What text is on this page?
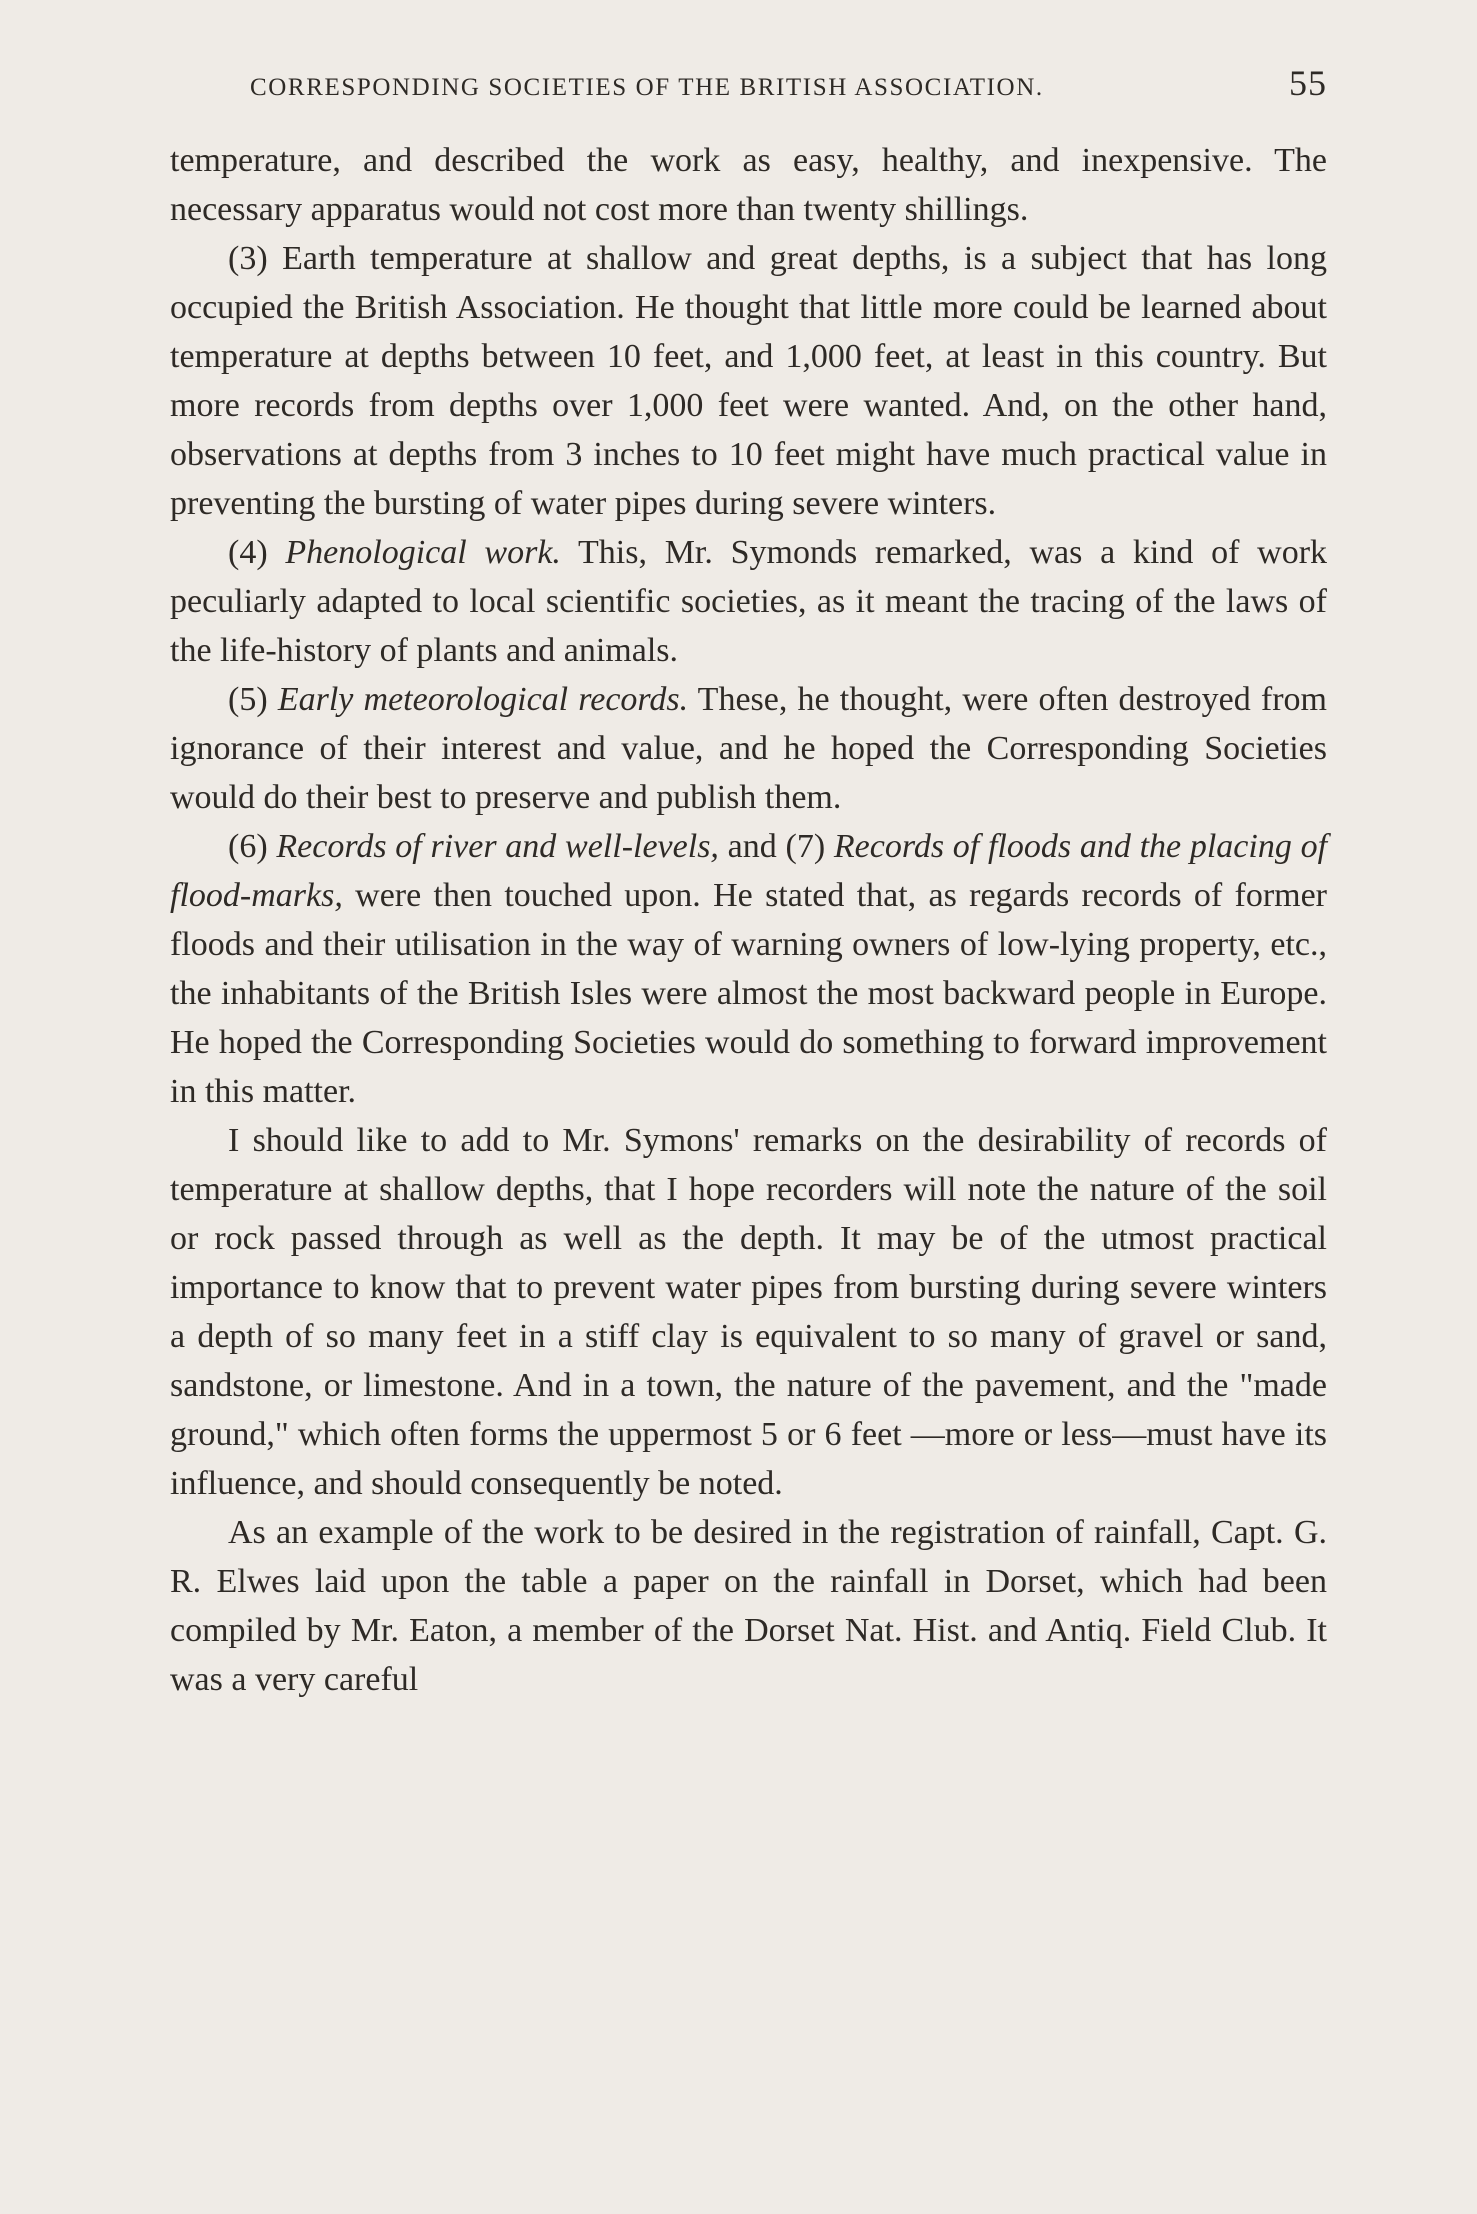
CORRESPONDING SOCIETIES OF THE BRITISH ASSOCIATION.	55

temperature, and described the work as easy, healthy, and inexpensive. The necessary apparatus would not cost more than twenty shillings.

(3) Earth temperature at shallow and great depths, is a subject that has long occupied the British Association. He thought that little more could be learned about temperature at depths between 10 feet, and 1,000 feet, at least in this country. But more records from depths over 1,000 feet were wanted. And, on the other hand, observations at depths from 3 inches to 10 feet might have much practical value in preventing the bursting of water pipes during severe winters.

(4) Phenological work. This, Mr. Symonds remarked, was a kind of work peculiarly adapted to local scientific societies, as it meant the tracing of the laws of the life-history of plants and animals.

(5) Early meteorological records. These, he thought, were often destroyed from ignorance of their interest and value, and he hoped the Corresponding Societies would do their best to preserve and publish them.

(6) Records of river and well-levels, and (7) Records of floods and the placing of flood-marks, were then touched upon. He stated that, as regards records of former floods and their utilisation in the way of warning owners of low-lying property, etc., the inhabitants of the British Isles were almost the most backward people in Europe. He hoped the Corresponding Societies would do something to forward improvement in this matter.

I should like to add to Mr. Symons' remarks on the desirability of records of temperature at shallow depths, that I hope recorders will note the nature of the soil or rock passed through as well as the depth. It may be of the utmost practical importance to know that to prevent water pipes from bursting during severe winters a depth of so many feet in a stiff clay is equivalent to so many of gravel or sand, sandstone, or limestone. And in a town, the nature of the pavement, and the "made ground," which often forms the uppermost 5 or 6 feet —more or less—must have its influence, and should consequently be noted.

As an example of the work to be desired in the registration of rainfall, Capt. G. R. Elwes laid upon the table a paper on the rainfall in Dorset, which had been compiled by Mr. Eaton, a member of the Dorset Nat. Hist. and Antiq. Field Club. It was a very careful
